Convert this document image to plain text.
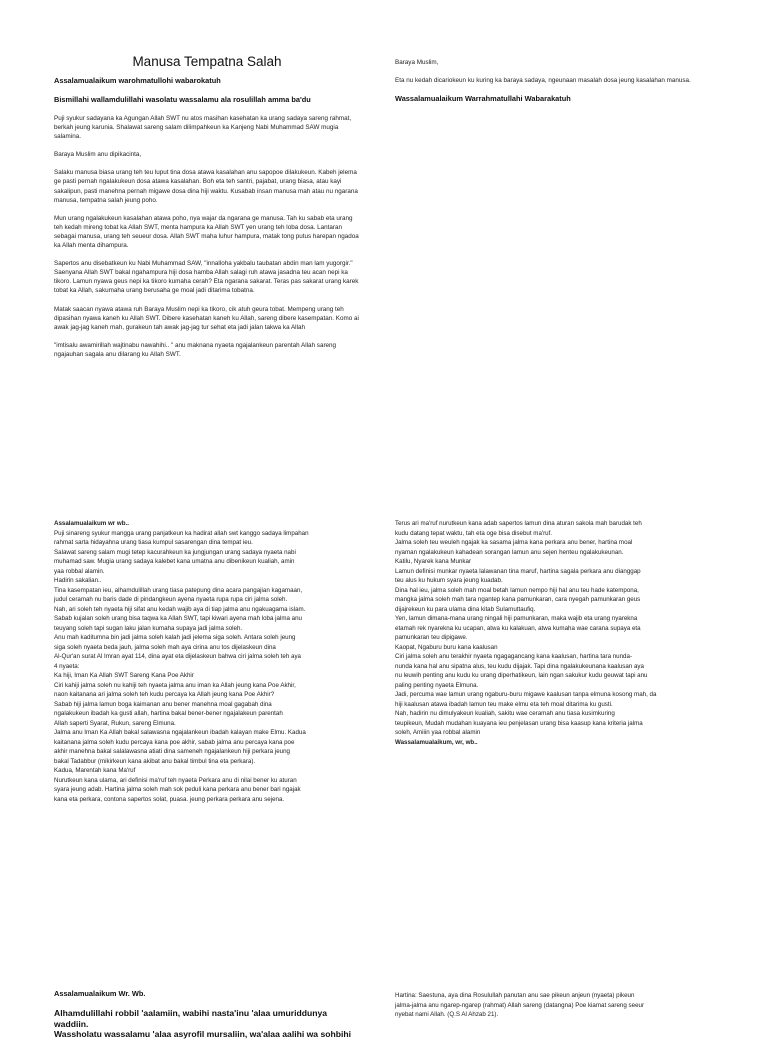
Manusa Tempatna Salah

Assalamualaikum warohmatullohi wabarokatuh

Bismillahi wallamdulillahi wasolatu wassalamu ala rosulillah amma ba'du

Puji syukur sadayana ka Agungan Allah SWT nu atos masihan kasehatan ka urang sadaya sareng rahmat, berkah jeung karunia. Shalawat sareng salam dilimpahkeun ka Kanjeng Nabi Muhammad SAW mugia salamina.

Baraya Muslim anu dipikacinta,

Salaku manusa biasa urang teh teu luput tina dosa atawa kasalahan anu sapopoe dilakukeun. Kabeh jelema ge pasti pernah ngalakukeun dosa atawa kasalahan. Boh eta teh santri, pajabat, urang biasa, atau kayi sakalipun, pasti manehna pernah migawe dosa dina hiji waktu. Kusabab insan manusa mah atau nu ngarana manusa, tempatna salah jeung poho.

Mun urang ngalakukeun kasalahan atawa poho, nya wajar da ngarana ge manusa. Tah ku sabab eta urang teh kedah mireng tobat ka Allah SWT, menta hampura ka Allah SWT yen urang teh loba dosa. Lantaran sebagai manusa, urang teh seueur dosa. Allah SWT maha luhur hampura, matak tong putus harepan ngadoa ka Allah menta dihampura.

Sapertos anu disebatkeun ku Nabi Muhammad SAW, "innalloha yakbalu taubatan abdin man lam yugorgir." Saenyana Allah SWT bakal ngahampura hiji dosa hamba Allah salagi ruh atawa jasadna teu acan nepi ka tikoro. Lamun nyawa geus nepi ka tikoro kumaha cerah? Eta ngarana sakarat. Teras pas sakarat urang karek tobat ka Allah, sakumaha urang berusaha ge moal jadi ditarima tobatna.

Matak saacan nyawa atawa ruh Baraya Muslim nepi ka tikoro, cik atuh geura tobat. Mempeng urang teh dipasihan nyawa kaneh ku Allah SWT. Dibere kasehatan kaneh ku Allah, sareng dibere kasempatan. Komo ai awak jag-jag kaneh mah, gurakeun tah awak jag-jag tur sehat eta jadi jalan takwa ka Allah

"imtisalu awamirillah wajtinabu nawahihi.. " anu maknana nyaeta ngajalankeun parentah Allah sareng ngajauhan sagala anu dilarang ku Allah SWT.

Baraya Muslim,

Eta nu kedah dicariokeun ku kuring ka baraya sadaya, ngeunaan masalah dosa jeung kasalahan manusa.

Wassalamualaikum Warrahmatullahi Wabarakatuh

Assalamualaikum wr wb..

Puji sinareng syukur mangga urang panjatkeun ka hadirat allah swt kanggo sadaya limpahan

rahmat sarta hidayahna urang tiasa kumpul sasarengan dina tempat ieu.

Salawat sareng salam mugi tetep kacurahkeun ka jungjungan urang sadaya nyaeta nabi

muhamad saw. Mugia urang sadaya kalebet kana umatna anu dibenikeun kualiah, amin

yaa robbal alamin.

Hadirin sakalian..

Tina kasempatan ieu, alhamdulillah urang tiasa patepung dina acara pangajian kagamaan,

judul ceramah nu baris dade di pindangkeun ayena nyaeta rupa rupa ciri jalma soleh.

Nah, ari soleh teh nyaeta hiji sifat anu kedah wajib aya di tiap jalma anu ngakuagama islam.

Sabab kujalan soleh urang bisa taqwa ka Allah SWT, tapi kiwari ayena mah loba jalma anu

teuyang soleh tapi sugan laku jalan kumaha supaya jadi jalma soleh.

Anu mah kaditumna bin jadi jalma soleh kalah jadi jelema siga soleh. Antara soleh jeung

siga soleh nyaeta beda jauh, jalma soleh mah aya cirina anu tos dijelaskeun dina

Al-Qur'an surat Al Imran ayat 114, dina ayat eta dijelaskeun bahwa ciri jalma soleh teh aya

4 nyaeta:

Ka hiji, Iman Ka Allah SWT Sareng Kana Poe Akhir

Ciri kahiji jalma soleh nu kahiji teh nyaeta jalma anu iman ka Allah jeung kana Poe Akhir,

naon kaitanana ari jalma soleh teh kudu percaya ka Allah jeung kana Poe Akhir?

Sabab hiji jalma lamun boga kaimanan anu bener manehna moal gagabah dina

ngalakukeun ibadah ka gusti allah, hartina bakal bener-bener ngajalakeun parentah

Allah saperti Syarat, Rukun, sareng Elmuna.

Jalma anu Iman Ka Allah bakal salawasna ngajalankeun ibadah kalayan make Elmu. Kadua

kaitanana jalma soleh kudu percaya kana poe akhir, sabab jalma anu percaya kana poe

akhir manehna bakal salalawasna atiati dina sameneh ngajalankeun hiji perkara jeung

bakal Tadabbur (mikirkeun kana akibat anu bakal timbul tina eta perkara).

Kadua, Marentah kana Ma'ruf

Nurutkeun kana ulama, ari definisi ma'ruf teh nyaeta Perkara anu di nilai bener ku aturan

syara jeung adab. Hartina jalma soleh mah sok peduli kana perkara anu bener bari ngajak

kana eta perkara, contona sapertos solat, puasa. jeung perkara perkara anu sejena.

Terus ari ma'ruf nurutkeun kana adab sapertos lamun dina aturan sakola mah barudak teh

kudu datang tepat waktu, tah eta oge bisa disebut ma'ruf.

Jalma soleh teu weuleh ngajak ka sasama jalma kana perkara anu bener, hartina moal

nyaman ngalakukeun kahadean sorangan lamun anu sejen henteu ngalakukeunan.

Katilu, Nyarek kana Munkar

Lamun definisi munkar nyaeta lalawanan tina maruf, hartina sagala perkara anu dianggap

teu alus ku hukum syara jeung kuadab.

Dina hal ieu, jalma soleh mah moal betah lamun nempo hiji hal anu teu hade katempona,

mangka jalma soleh mah tara ngantep kana pamunkaran, cara nyegah pamunkaran geus

dijajrekeun ku para ulama dina kitab Sulamuttaufiq.

Yen, lamun dimana-mana urang ningali hiji pamunkaran, maka wajib eta urang nyarekna

etamah rek nyarekna ku ucapan, atwa ku kalakuan, atwa kumaha wae carana supaya eta

pamunkaran teu dipigawe.

Kaopat, Ngaburu buru kana kaalusan

Ciri jalma soleh anu terakhir nyaeta ngagagancang kana kaalusan, hartina tara nunda-

nunda kana hal anu sipatna alus, teu kudu dijajak. Tapi dina ngalakukeunana kaalusan aya

nu leuwih penting anu kudu ku urang diperhatikeun, lain ngan sakukur kudu geuwat tapi anu

paling penting nyaeta Elmuna.

Jadi, percuma wae lamun urang ngaburu-buru migawe kaalusan tanpa elmuna kosong mah, da

hiji kaalusan atawa ibadah lamun teu make elmu eta teh moal ditarima ku gusti.

Nah, hadirin nu dimulyakeun kualiah, sakitu wae ceramah anu tiasa kusimkuring

teupikeun, Mudah mudahan kuayana ieu penjelasan urang bisa kaasup kana kriteria jalma

soleh, Amiiin yaa robbal alamin

Wassalamualaikum, wr, wb..

Assalamualaikum Wr. Wb.

Alhamdulillahi robbil 'aalamiin, wabihi nasta'inu 'alaa umuriddunya waddiin.

Wassholatu wassalamu 'alaa asyrofil mursaliin, wa'alaa aalihi wa sohbihi

Hartina: Saestuna, aya dina Rosulullah panutan anu sae pikeun anjeun (nyaeta) pikeun

jalma-jalma anu ngarep-ngarep (rahmat) Allah sareng (datangna) Poe kiamat sareng seeur

nyebat nami Allah. (Q.S Al Ahzab 21).
